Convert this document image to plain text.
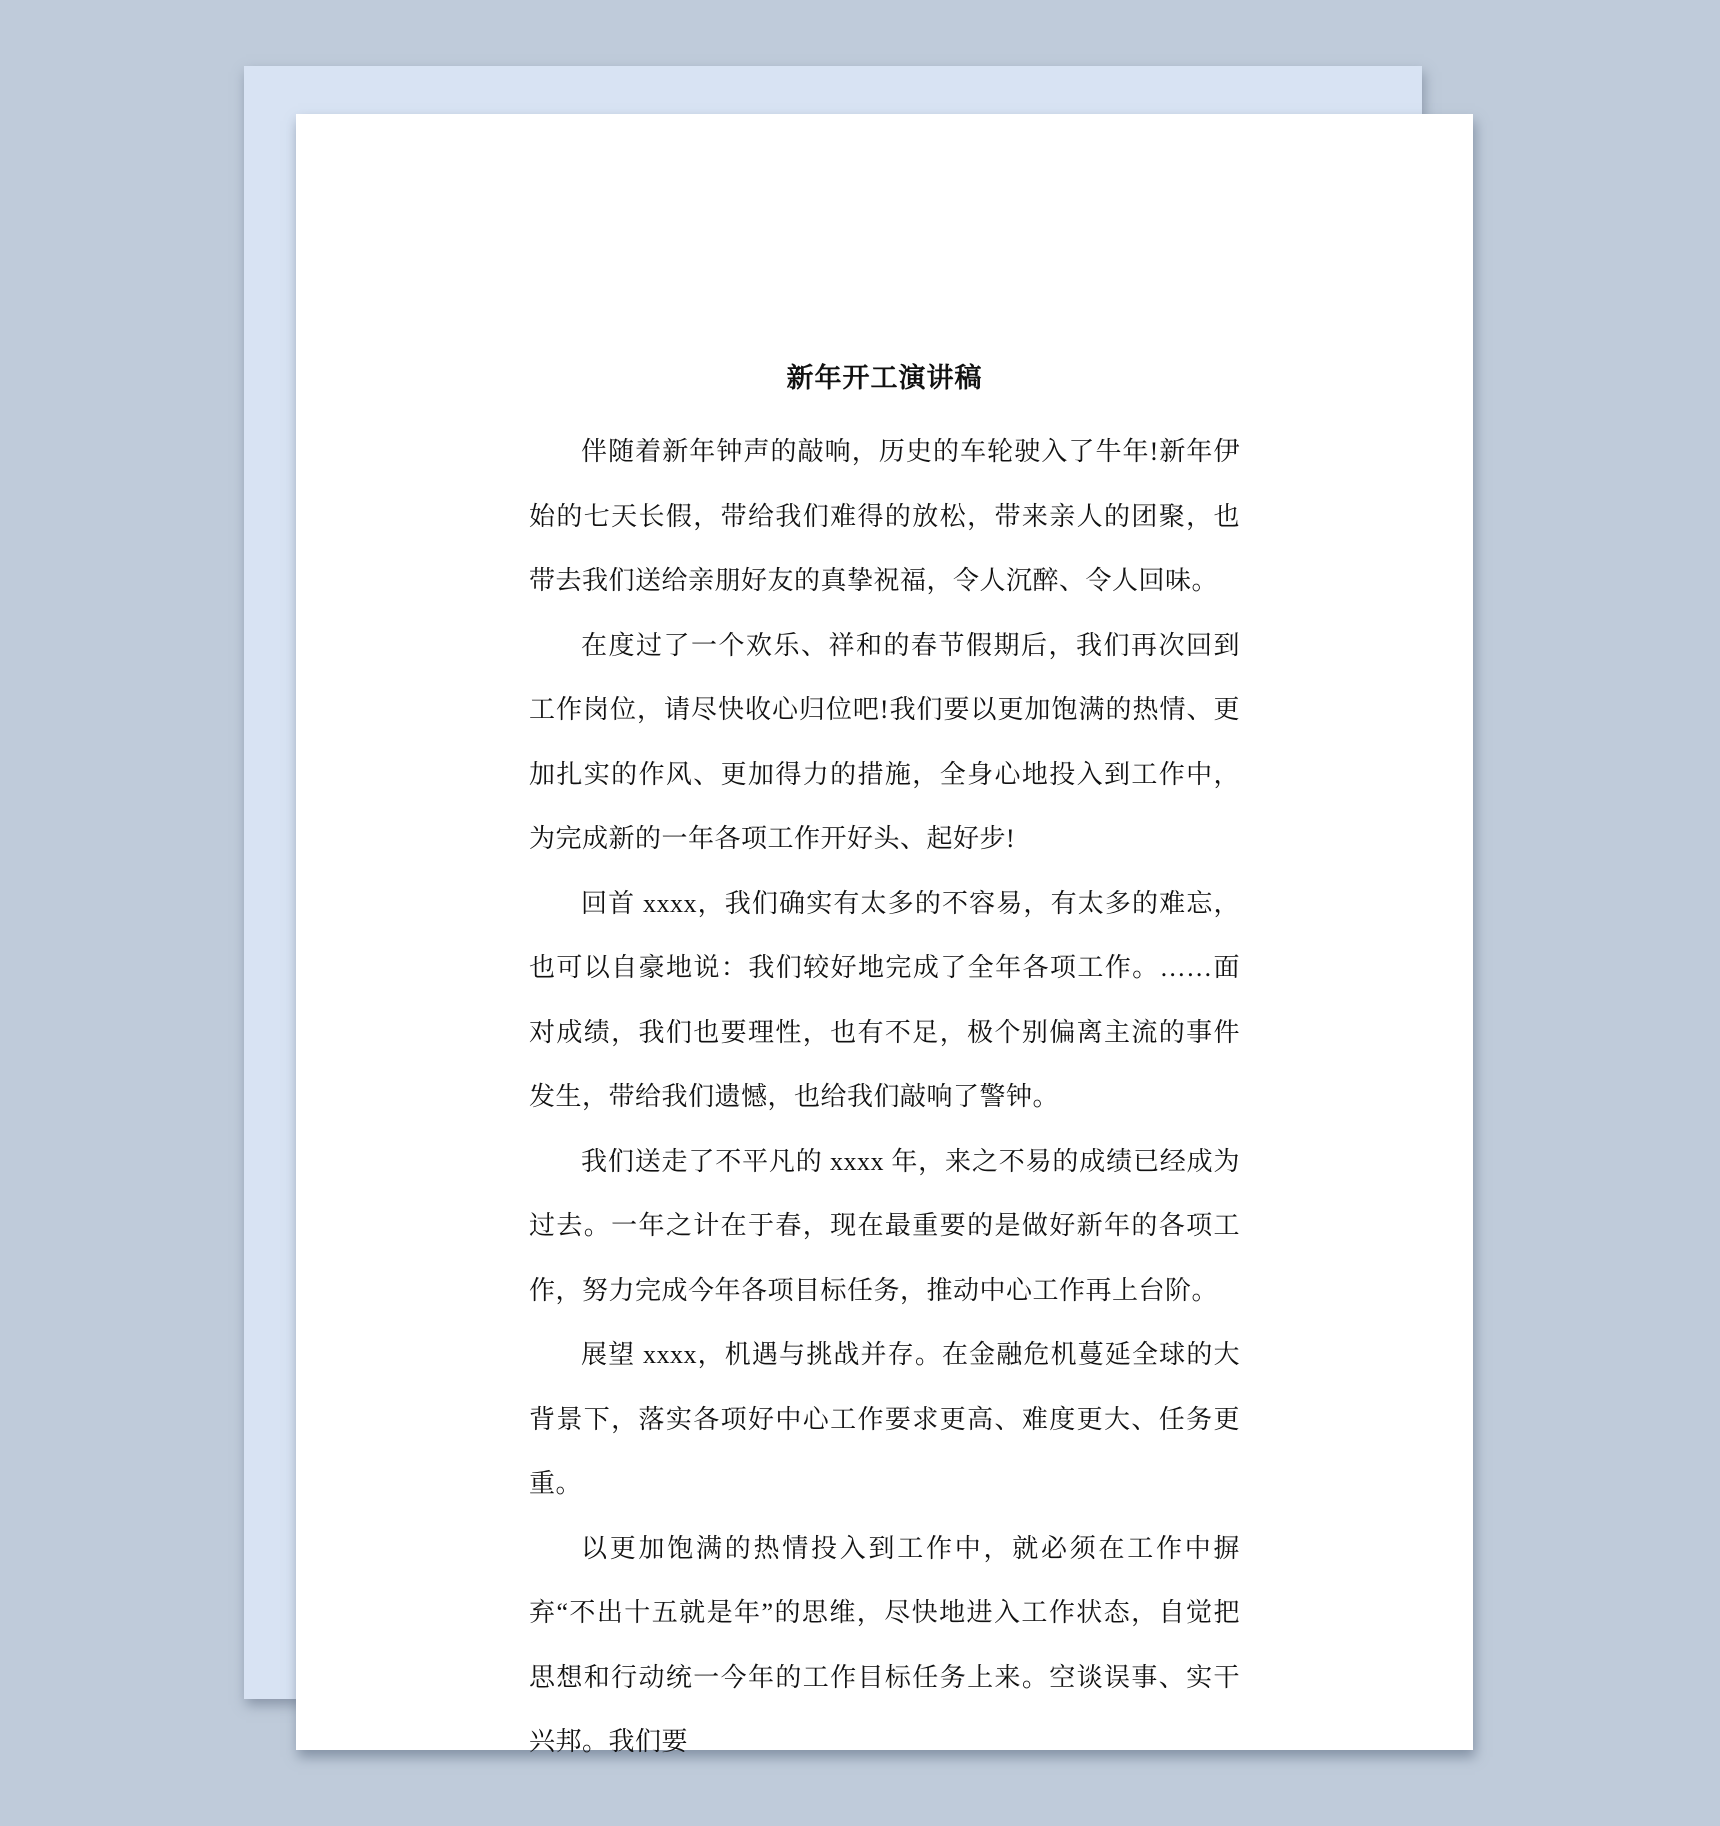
新年开工演讲稿

伴随着新年钟声的敲响，历史的车轮驶入了牛年!新年伊始的七天长假，带给我们难得的放松，带来亲人的团聚，也带去我们送给亲朋好友的真挚祝福，令人沉醉、令人回味。

在度过了一个欢乐、祥和的春节假期后，我们再次回到工作岗位，请尽快收心归位吧!我们要以更加饱满的热情、更加扎实的作风、更加得力的措施，全身心地投入到工作中，为完成新的一年各项工作开好头、起好步!

回首 xxxx，我们确实有太多的不容易，有太多的难忘，也可以自豪地说：我们较好地完成了全年各项工作。……面对成绩，我们也要理性，也有不足，极个别偏离主流的事件发生，带给我们遗憾，也给我们敲响了警钟。

我们送走了不平凡的 xxxx 年，来之不易的成绩已经成为过去。一年之计在于春，现在最重要的是做好新年的各项工作，努力完成今年各项目标任务，推动中心工作再上台阶。

展望 xxxx，机遇与挑战并存。在金融危机蔓延全球的大背景下，落实各项好中心工作要求更高、难度更大、任务更重。

以更加饱满的热情投入到工作中，就必须在工作中摒弃“不出十五就是年”的思维，尽快地进入工作状态，自觉把思想和行动统一今年的工作目标任务上来。空谈误事、实干兴邦。我们要
